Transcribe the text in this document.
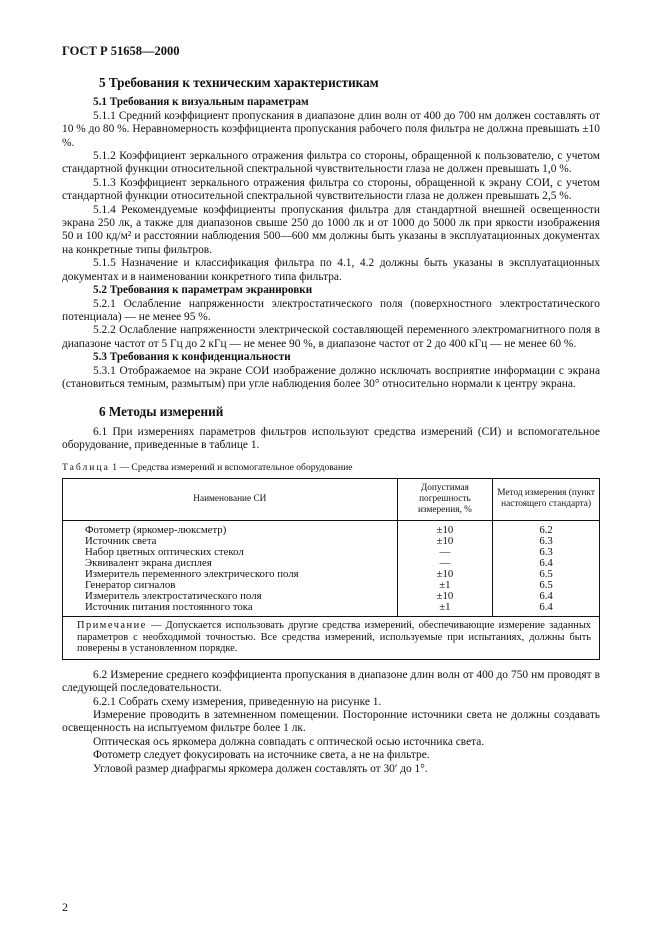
ГОСТ Р 51658—2000
5 Требования к техническим характеристикам
5.1 Требования к визуальным параметрам

5.1.1 Средний коэффициент пропускания в диапазоне длин волн от 400 до 700 нм должен составлять от 10 % до 80 %. Неравномерность коэффициента пропускания рабочего поля фильтра не должна превышать ±10 %.

5.1.2 Коэффициент зеркального отражения фильтра со стороны, обращенной к пользователю, с учетом стандартной функции относительной спектральной чувствительности глаза не должен превышать 1,0 %.

5.1.3 Коэффициент зеркального отражения фильтра со стороны, обращенной к экрану СОИ, с учетом стандартной функции относительной спектральной чувствительности глаза не должен превышать 2,5 %.

5.1.4 Рекомендуемые коэффициенты пропускания фильтра для стандартной внешней освещенности экрана 250 лк, а также для диапазонов свыше 250 до 1000 лк и от 1000 до 5000 лк при яркости изображения 50 и 100 кд/м² и расстоянии наблюдения 500—600 мм должны быть указаны в эксплуатационных документах на конкретные типы фильтров.

5.1.5 Назначение и классификация фильтра по 4.1, 4.2 должны быть указаны в эксплуатационных документах и в наименовании конкретного типа фильтра.

5.2 Требования к параметрам экранировки

5.2.1 Ослабление напряженности электростатического поля (поверхностного электростатического потенциала) — не менее 95 %.

5.2.2 Ослабление напряженности электрической составляющей переменного электромагнитного поля в диапазоне частот от 5 Гц до 2 кГц — не менее 90 %, в диапазоне частот от 2 до 400 кГц — не менее 60 %.

5.3 Требования к конфиденциальности

5.3.1 Отображаемое на экране СОИ изображение должно исключать восприятие информации с экрана (становиться темным, размытым) при угле наблюдения более 30° относительно нормали к центру экрана.

6 Методы измерений

6.1 При измерениях параметров фильтров используют средства измерений (СИ) и вспомогательное оборудование, приведенные в таблице 1.

Таблица 1 — Средства измерений и вспомогательное оборудование
Наименование СИ	Допустимая погрешность измерения, %	Метод измерения (пункт настоящего стандарта)
Фотометр (яркомер-люксметр)	±10	6.2
Источник света	±10	6.3
Набор цветных оптических стекол	—	6.3
Эквивалент экрана дисплея	—	6.4
Измеритель переменного электрического поля	±10	6.5
Генератор сигналов	±1	6.5
Измеритель электростатического поля	±10	6.4
Источник питания постоянного тока	±1	6.4
Примечание — Допускается использовать другие средства измерений, обеспечивающие измерение заданных параметров с необходимой точностью. Все средства измерений, используемые при испытаниях, должны быть поверены в установленном порядке.

6.2 Измерение среднего коэффициента пропускания в диапазоне длин волн от 400 до 750 нм проводят в следующей последовательности.

6.2.1 Собрать схему измерения, приведенную на рисунке 1.

Измерение проводить в затемненном помещении. Посторонние источники света не должны создавать освещенность на испытуемом фильтре более 1 лк.

Оптическая ось яркомера должна совпадать с оптической осью источника света.

Фотометр следует фокусировать на источнике света, а не на фильтре.

Угловой размер диафрагмы яркомера должен составлять от 30′ до 1°.

2
